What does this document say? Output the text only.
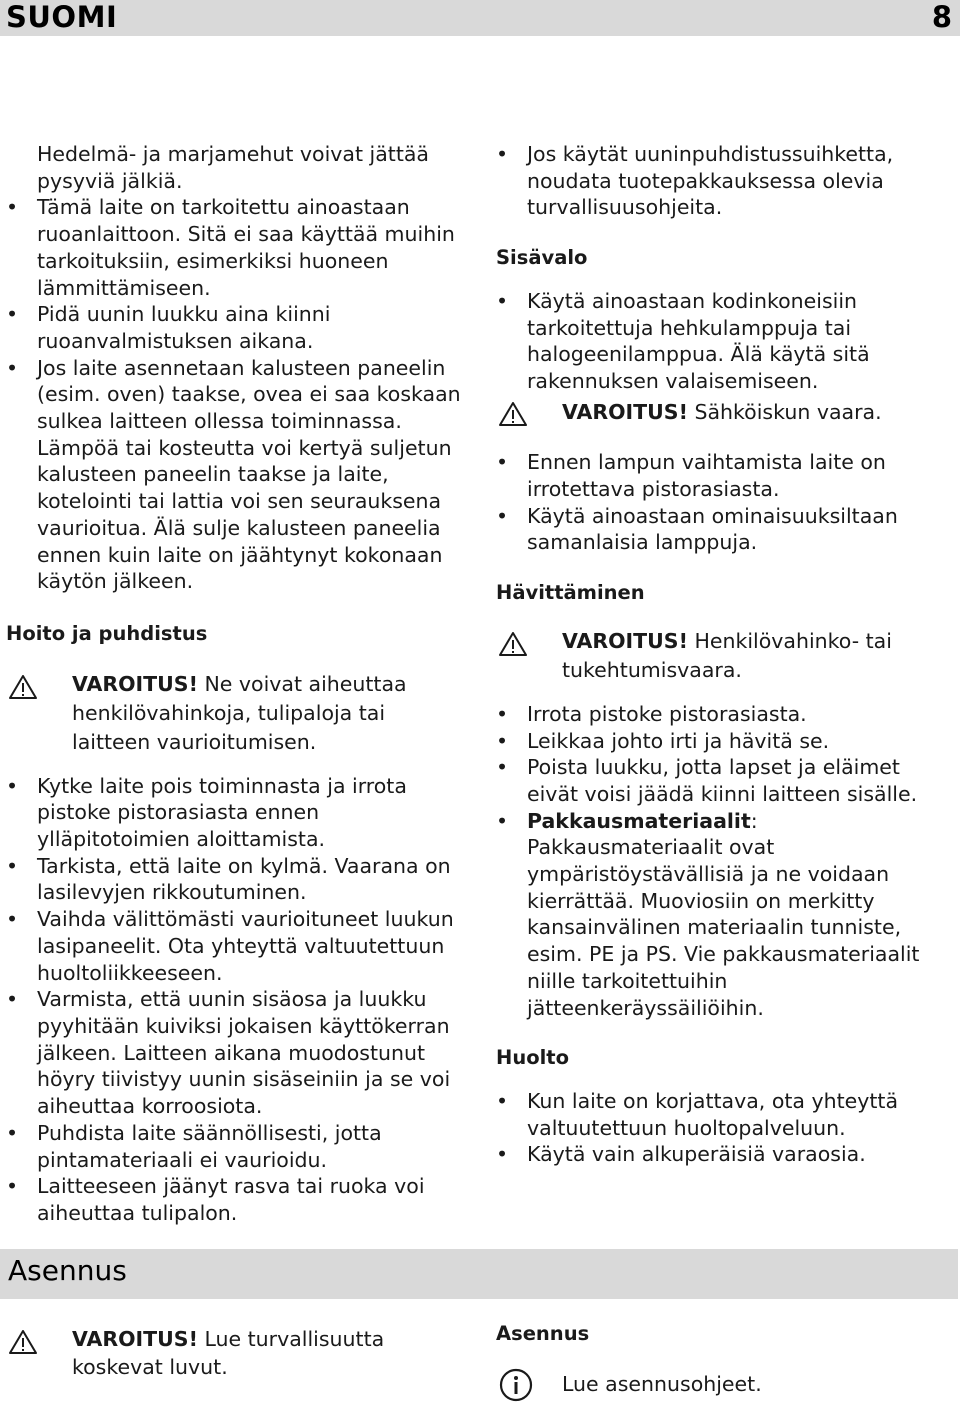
SUOMI	8
Hedelmä- ja marjamehut voivat jättää pysyviä jälkiä.
• Tämä laite on tarkoitettu ainoastaan ruoanlaittoon. Sitä ei saa käyttää muihin tarkoituksiin, esimerkiksi huoneen lämmittämiseen.
• Pidä uunin luukku aina kiinni ruoanvalmistuksen aikana.
• Jos laite asennetaan kalusteen paneelin (esim. oven) taakse, ovea ei saa koskaan sulkea laitteen ollessa toiminnassa. Lämpöä tai kosteutta voi kertyä suljetun kalusteen paneelin taakse ja laite, kotelointi tai lattia voi sen seurauksena vaurioitua. Älä sulje kalusteen paneelia ennen kuin laite on jäähtynyt kokonaan käytön jälkeen.
Hoito ja puhdistus
VAROITUS! Ne voivat aiheuttaa henkilövahinkoja, tulipaloja tai laitteen vaurioitumisen.
• Kytke laite pois toiminnasta ja irrota pistoke pistorasiasta ennen ylläpitotoimien aloittamista.
• Tarkista, että laite on kylmä. Vaarana on lasilevyjen rikkoutuminen.
• Vaihda välittömästi vaurioituneet luukun lasipaneelit. Ota yhteyttä valtuutettuun huoltoliikkeeseen.
• Varmista, että uunin sisäosa ja luukku pyyhitään kuiviksi jokaisen käyttökerran jälkeen. Laitteen aikana muodostunut höyry tiivistyy uunin sisäseiniin ja se voi aiheuttaa korroosiota.
• Puhdista laite säännöllisesti, jotta pintamateriaali ei vaurioidu.
• Laitteeseen jäänyt rasva tai ruoka voi aiheuttaa tulipalon.
• Jos käytät uuninpuhdistussuihketta, noudata tuotepakkauksessa olevia turvallisuusohjeita.
Sisävalo
• Käytä ainoastaan kodinkoneisiin tarkoitettuja hehkulamppuja tai halogeenilamppua. Älä käytä sitä rakennuksen valaisemiseen.
VAROITUS! Sähköiskun vaara.
• Ennen lampun vaihtamista laite on irrotettava pistorasiasta.
• Käytä ainoastaan ominaisuuksiltaan samanlaisia lamppuja.
Hävittäminen
VAROITUS! Henkilövahinko- tai tukehtumisvaara.
• Irrota pistoke pistorasiasta.
• Leikkaa johto irti ja hävitä se.
• Poista luukku, jotta lapset ja eläimet eivät voisi jäädä kiinni laitteen sisälle.
• Pakkausmateriaalit:
Pakkausmateriaalit ovat ympäristöystävällisiä ja ne voidaan kierrättää. Muoviosiin on merkitty kansainvälinen materiaalin tunniste, esim. PE ja PS. Vie pakkausmateriaalit niille tarkoitettuihin jätteenkeräyssäiliöihin.
Huolto
• Kun laite on korjattava, ota yhteyttä valtuutettuun huoltopalveluun.
• Käytä vain alkuperäisiä varaosia.
Asennus
VAROITUS! Lue turvallisuutta koskevat luvut.
Asennus
Lue asennusohjeet.
